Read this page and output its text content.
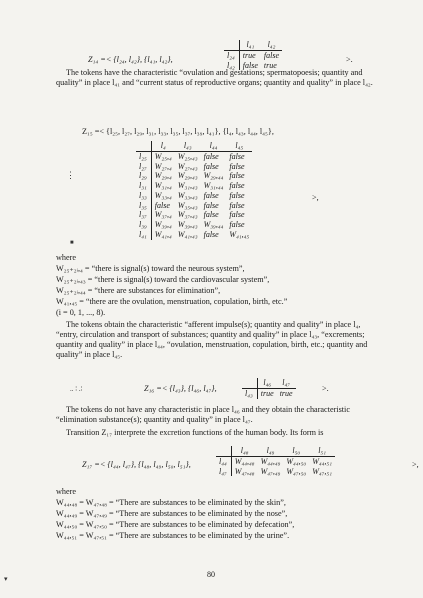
Z₁₄ =< {l₂₄, l₄₂}, {l₄₁, l₄₂},
	l₄₁	l₄₂
l₂₄	true	false
l₄₂	false	true
>.

The tokens have the characteristic “ovulation and gestations; spermatopoesis; quantity and quality” in place l₄₁ and “current status of reproductive organs; quantity and quality” in place l₄₂.

Z₁₅ =< {l₂₅, l₂₇, l₂₉, l₃₁, l₃₃, l₃₅, l₃₇, l₃₉, l₄₁}, {l₄, l₄₃, l₄₄, l₄₅},
	l₄	l₄₃	l₄₄	l₄₅
l₂₅	W₂₅,₄	W₂₅,₄₃	false	false
l₂₇	W₂₇,₄	W₂₇,₄₃	false	false
l₂₉	W₂₉,₄	W₂₉,₄₃	W₂₉,₄₄	false
l₃₁	W₃₁,₄	W₃₁,₄₃	W₃₁,₄₄	false
l₃₃	W₃₃,₄	W₃₃,₄₃	false	false
l₃₅	false	W₃₅,₄₃	false	false
l₃₇	W₃₇,₄	W₃₇,₄₃	false	false
l₃₉	W₃₉,₄	W₃₉,₄₃	W₃₉,₄₄	false
l₄₁	W₄₁,₄	W₄₁,₄₃	false	W₄₁,₄₅
>,
⋮
■
.. ∶ .∶
▾
where
W₂₅₊₂ᵢ,₄ = “there is signal(s) toward the neurous system”,
W₂₅₊₂ᵢ,₄₃ = “there is signal(s) toward the cardiovascular system”,
W₂₅₊₂ᵢ,₄₄ = “there are substances for elimination”,
W₄₁,₄₅ = “there are the ovulation, menstruation, copulation, birth, etc.”
(i = 0, 1, ..., 8).

The tokens obtain the characteristic “afferent impulse(s); quantity and quality” in place l₄, “entry, circulation and transport of substances; quantity and quality” in place l₄₃, “excrements; quantity and quality” in place l₄₄, “ovulation, menstruation, copulation, birth, etc.; quantity and quality” in place l₄₅.

Z₁₆ =< {l₄₃}, {l₄₆, l₄₇},
	l₄₆	l₄₇
l₄₃	true	true
>.

The tokens do not have any characteristic in place l₄₆ and they obtain the characteristic “elimination substance(s); quantity and quality” in place l₄₇.

Transition Z₁₇ interprete the excretion functions of the human body. Its form is

Z₁₇ =< {l₄₄, l₄₇}, {l₄₈, l₄₉, l₅₀, l₅₁},
	l₄₈	l₄₉	l₅₀	l₅₁
l₄₄	W₄₄,₄₈	W₄₄,₄₉	W₄₄,₅₀	W₄₄,₅₁
l₄₇	W₄₇,₄₈	W₄₇,₄₉	W₄₇,₅₀	W₄₇,₅₁
>,
where
W₄₄,₄₈ = W₄₇,₄₈ = “There are substances to be eliminated by the skin”,
W₄₄,₄₉ = W₄₇,₄₉ = “There are substances to be eliminated by the nose”,
W₄₄,₅₀ = W₄₇,₅₀ = “There are substances to be eliminated by defecation”,
W₄₄,₅₁ = W₄₇,₅₁ = “There are substances to be eliminated by the urine”.
80
